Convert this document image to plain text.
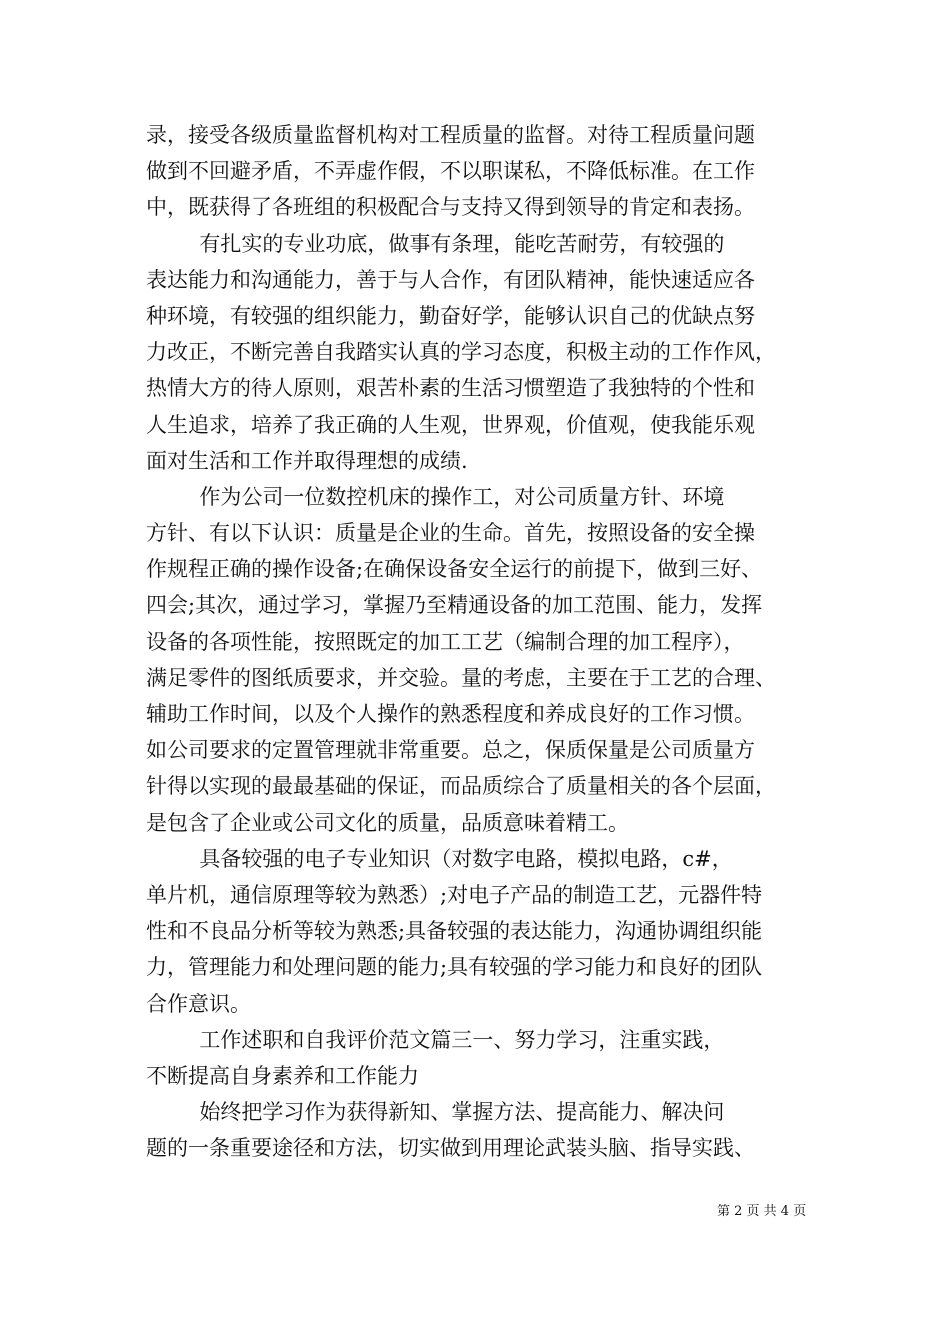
录，接受各级质量监督机构对工程质量的监督。对待工程质量问题
做到不回避矛盾，不弄虚作假，不以职谋私，不降低标准。在工作
中，既获得了各班组的积极配合与支持又得到领导的肯定和表扬。
有扎实的专业功底，做事有条理，能吃苦耐劳，有较强的
表达能力和沟通能力，善于与人合作，有团队精神，能快速适应各
种环境，有较强的组织能力，勤奋好学，能够认识自己的优缺点努
力改正，不断完善自我踏实认真的学习态度，积极主动的工作作风，
热情大方的待人原则，艰苦朴素的生活习惯塑造了我独特的个性和
人生追求，培养了我正确的人生观，世界观，价值观，使我能乐观
面对生活和工作并取得理想的成绩.
作为公司一位数控机床的操作工，对公司质量方针、环境
方针、有以下认识：质量是企业的生命。首先，按照设备的安全操
作规程正确的操作设备;在确保设备安全运行的前提下，做到三好、
四会;其次，通过学习，掌握乃至精通设备的加工范围、能力，发挥
设备的各项性能，按照既定的加工工艺（编制合理的加工程序），
满足零件的图纸质要求，并交验。量的考虑，主要在于工艺的合理、
辅助工作时间，以及个人操作的熟悉程度和养成良好的工作习惯。
如公司要求的定置管理就非常重要。总之，保质保量是公司质量方
针得以实现的最最基础的保证，而品质综合了质量相关的各个层面，
是包含了企业或公司文化的质量，品质意味着精工。
具备较强的电子专业知识（对数字电路，模拟电路，c#，
单片机，通信原理等较为熟悉）;对电子产品的制造工艺，元器件特
性和不良品分析等较为熟悉;具备较强的表达能力，沟通协调组织能
力，管理能力和处理问题的能力;具有较强的学习能力和良好的团队
合作意识。
工作述职和自我评价范文篇三一、努力学习，注重实践，
不断提高自身素养和工作能力
始终把学习作为获得新知、掌握方法、提高能力、解决问
题的一条重要途径和方法，切实做到用理论武装头脑、指导实践、
第 2 页 共 4 页
